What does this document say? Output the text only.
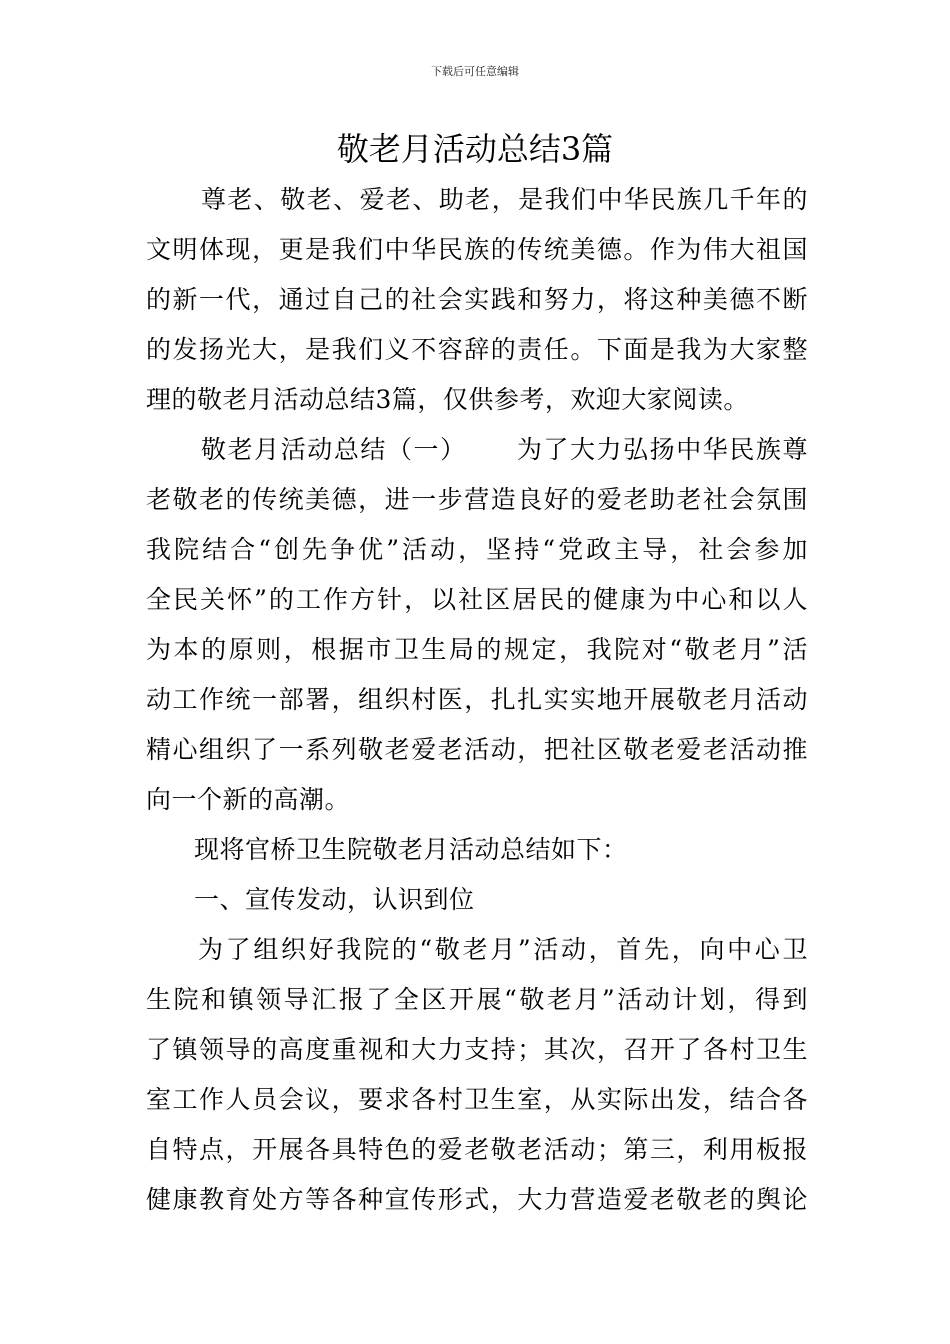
下载后可任意编辑
敬老月活动总结3篇
尊老、敬老、爱老、助老，是我们中华民族几千年的
文明体现，更是我们中华民族的传统美德。作为伟大祖国
的新一代，通过自己的社会实践和努力，将这种美德不断
的发扬光大，是我们义不容辞的责任。下面是我为大家整
理的敬老月活动总结3篇，仅供参考，欢迎大家阅读。
敬老月活动总结（一）　　 为了大力弘扬中华民族尊
老敬老的传统美德，进一步营造良好的爱老助老社会氛围
我院结合“创先争优”活动，坚持“党政主导，社会参加
全民关怀”的工作方针，以社区居民的健康为中心和以人
为本的原则，根据市卫生局的规定，我院对“敬老月”活
动工作统一部署，组织村医，扎扎实实地开展敬老月活动
精心组织了一系列敬老爱老活动，把社区敬老爱老活动推
向一个新的高潮。
现将官桥卫生院敬老月活动总结如下：
一、宣传发动，认识到位
为了组织好我院的“敬老月”活动，首先，向中心卫
生院和镇领导汇报了全区开展“敬老月”活动计划，得到
了镇领导的高度重视和大力支持；其次，召开了各村卫生
室工作人员会议，要求各村卫生室，从实际出发，结合各
自特点，开展各具特色的爱老敬老活动；第三，利用板报
健康教育处方等各种宣传形式，大力营造爱老敬老的舆论
